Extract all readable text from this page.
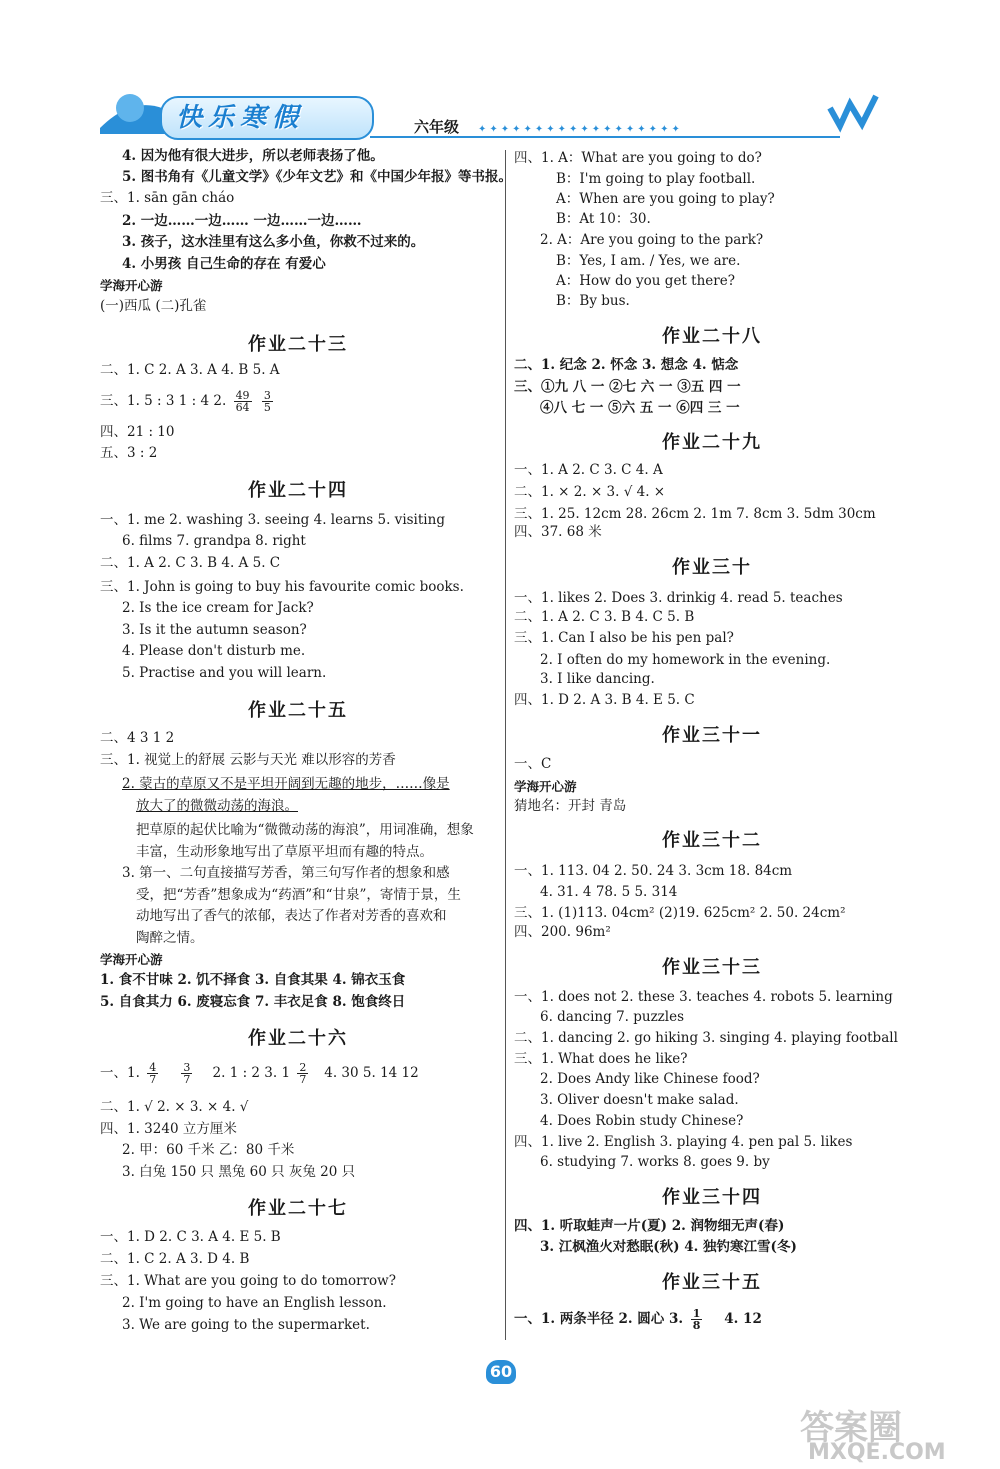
快乐寒假	六年级 ✦✦✦✦✦✦✦✦✦✦✦✦✦✦✦✦✦✦
4. 因为他有很大进步，所以老师表扬了他。
5. 图书角有《儿童文学》《少年文艺》和《中国少年报》等书报。
三、1. sān gān cháo
2. 一边……一边…… 一边……一边……
3. 孩子，这水洼里有这么多小鱼，你救不过来的。
4. 小男孩 自己生命的存在 有爱心
学海开心游
(一)西瓜 (二)孔雀
作业二十三
二、1. C 2. A 3. A 4. B 5. A
三、1. 5 : 3 1 : 4 2. $\frac{49}{64}$
$\frac{3}{5}$
四、21 : 10
五、3 : 2
作业二十四
一、1. me 2. washing 3. seeing 4. learns 5. visiting
6. films 7. grandpa 8. right
二、1. A 2. C 3. B 4. A 5. C
三、1. John is going to buy his favourite comic books.
2. Is the ice cream for Jack?
3. Is it the autumn season?
4. Please don't disturb me.
5. Practise and you will learn.
作业二十五
二、4 3 1 2
三、1. 视觉上的舒展 云影与天光 难以形容的芳香
2. 蒙古的草原又不是平坦开阔到无趣的地步，……像是
放大了的微微动荡的海浪。
把草原的起伏比喻为“微微动荡的海浪”，用词准确，想象
丰富，生动形象地写出了草原平坦而有趣的特点。
3. 第一、二句直接描写芳香，第三句写作者的想象和感
受，把“芳香”想象成为“药酒”和“甘泉”，寄情于景，生
动地写出了香气的浓郁，表达了作者对芳香的喜欢和
陶醉之情。
学海开心游
1. 食不甘味 2. 饥不择食 3. 自食其果 4. 锦衣玉食
5. 自食其力 6. 废寝忘食 7. 丰衣足食 8. 饱食终日
作业二十六
一、1. $\frac{4}{7}$
$\frac{3}{7} 2$. 1 : 2 3. $1 \frac{2}{7} 4$. 30 5. 14 12
二、1. √ 2. × 3. × 4. √
四、1. 3240 立方厘米
2. 甲：60 千米 乙：80 千米
3. 白兔 150 只 黑兔 60 只 灰兔 20 只
作业二十七
一、1. D 2. C 3. A 4. E 5. B
二、1. C 2. A 3. D 4. B
三、1. What are you going to do tomorrow?
2. I'm going to have an English lesson.
3. We are going to the supermarket.
四、1. A：What are you going to do?
B：I'm going to play football.
A：When are you going to play?
B：At 10：30.
2. A：Are you going to the park?
B：Yes, I am. / Yes, we are.
A：How do you get there?
B：By bus.
作业二十八
二、1. 纪念 2. 怀念 3. 想念 4. 惦念
三、①九 八 一 ②七 六 一 ③五 四 一
④八 七 一 ⑤六 五 一 ⑥四 三 一
作业二十九
一、1. A 2. C 3. C 4. A
二、1. × 2. × 3. √ 4. ×
三、1. 25. 12cm 28. 26cm 2. 1m 7. 8cm 3. 5dm 30cm
四、37. 68 米
作业三十
一、1. likes 2. Does 3. drinkig 4. read 5. teaches
二、1. A 2. C 3. B 4. C 5. B
三、1. Can I also be his pen pal?
2. I often do my homework in the evening.
3. I like dancing.
四、1. D 2. A 3. B 4. E 5. C
作业三十一
一、C
学海开心游
猜地名：开封 青岛
作业三十二
一、1. 113. 04 2. 50. 24 3. 3cm 18. 84cm
4. 31. 4 78. 5 5. 314
三、1. (1)113. 04cm² (2)19. 625cm² 2. 50. 24cm²
四、200. 96m²
作业三十三
一、1. does not 2. these 3. teaches 4. robots 5. learning
6. dancing 7. puzzles
二、1. dancing 2. go hiking 3. singing 4. playing football
三、1. What does he like?
2. Does Andy like Chinese food?
3. Oliver doesn't make salad.
4. Does Robin study Chinese?
四、1. live 2. English 3. playing 4. pen pal 5. likes
6. studying 7. works 8. goes 9. by
作业三十四
四、1. 听取蛙声一片(夏) 2. 润物细无声(春)
3. 江枫渔火对愁眠(秋) 4. 独钓寒江雪(冬)
作业三十五
一、1. 两条半径 2. 圆心 3. $\frac{1}{8} 4$. 12
60
答案圈
MXQE.COM
